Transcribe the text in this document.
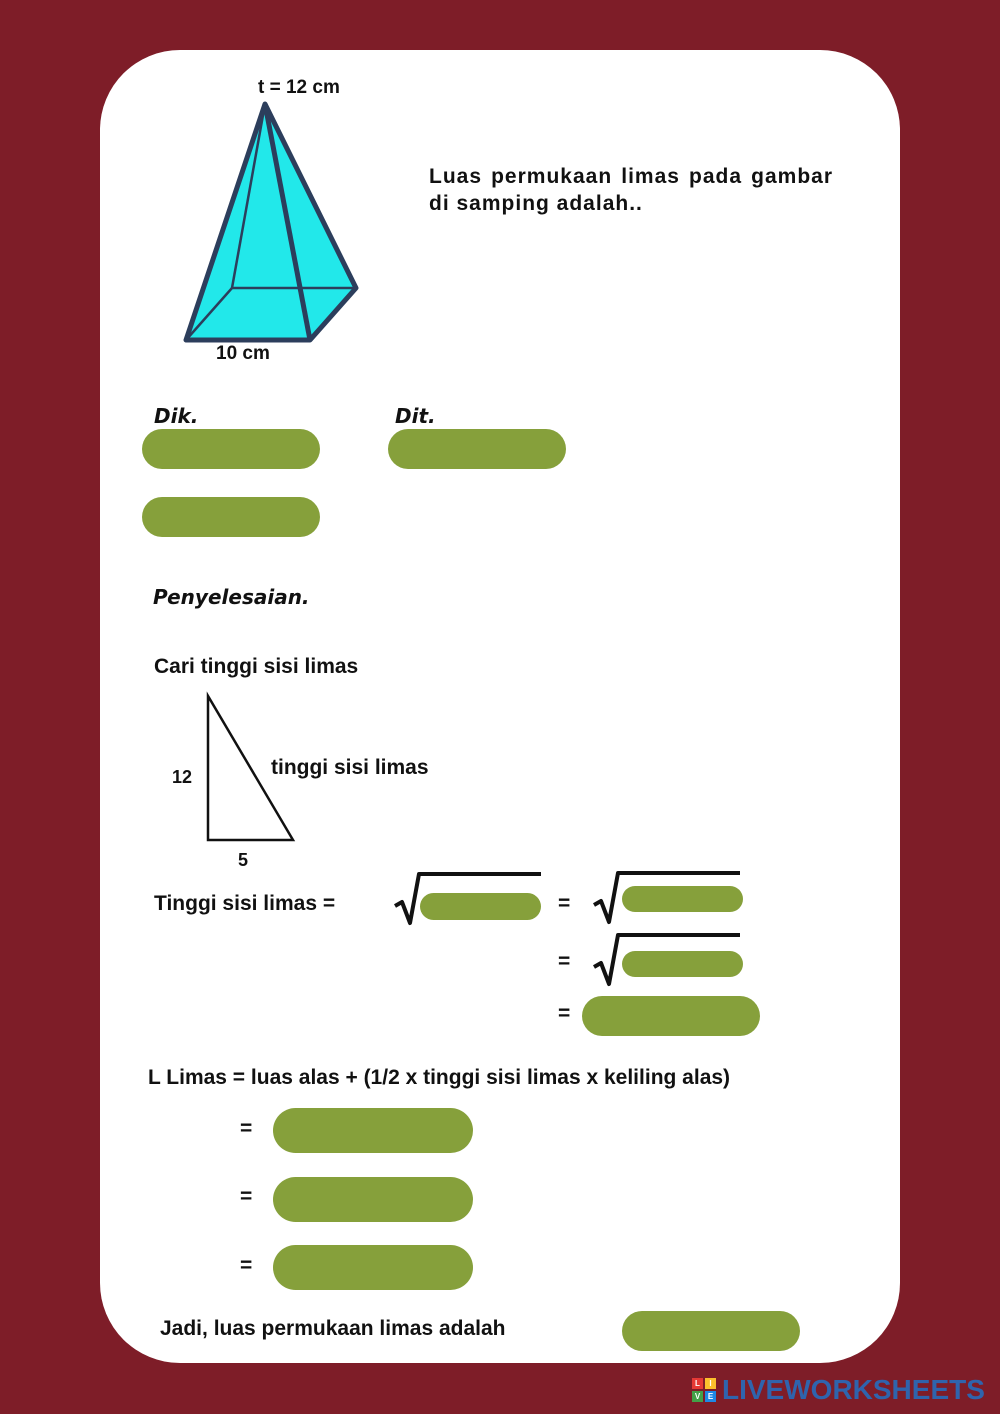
t = 12 cm
10 cm
Luas permukaan limas pada gambar di samping adalah..
Dik.	Dit.
Penyelesaian.
Cari tinggi sisi limas
12
5
tinggi sisi limas
Tinggi sisi limas =	=
=
=
L Limas = luas alas + (1/2 x tinggi sisi limas x keliling alas)
=
=
=
Jadi, luas permukaan limas adalah
L	I
V E LIVEWORKSHEETS
